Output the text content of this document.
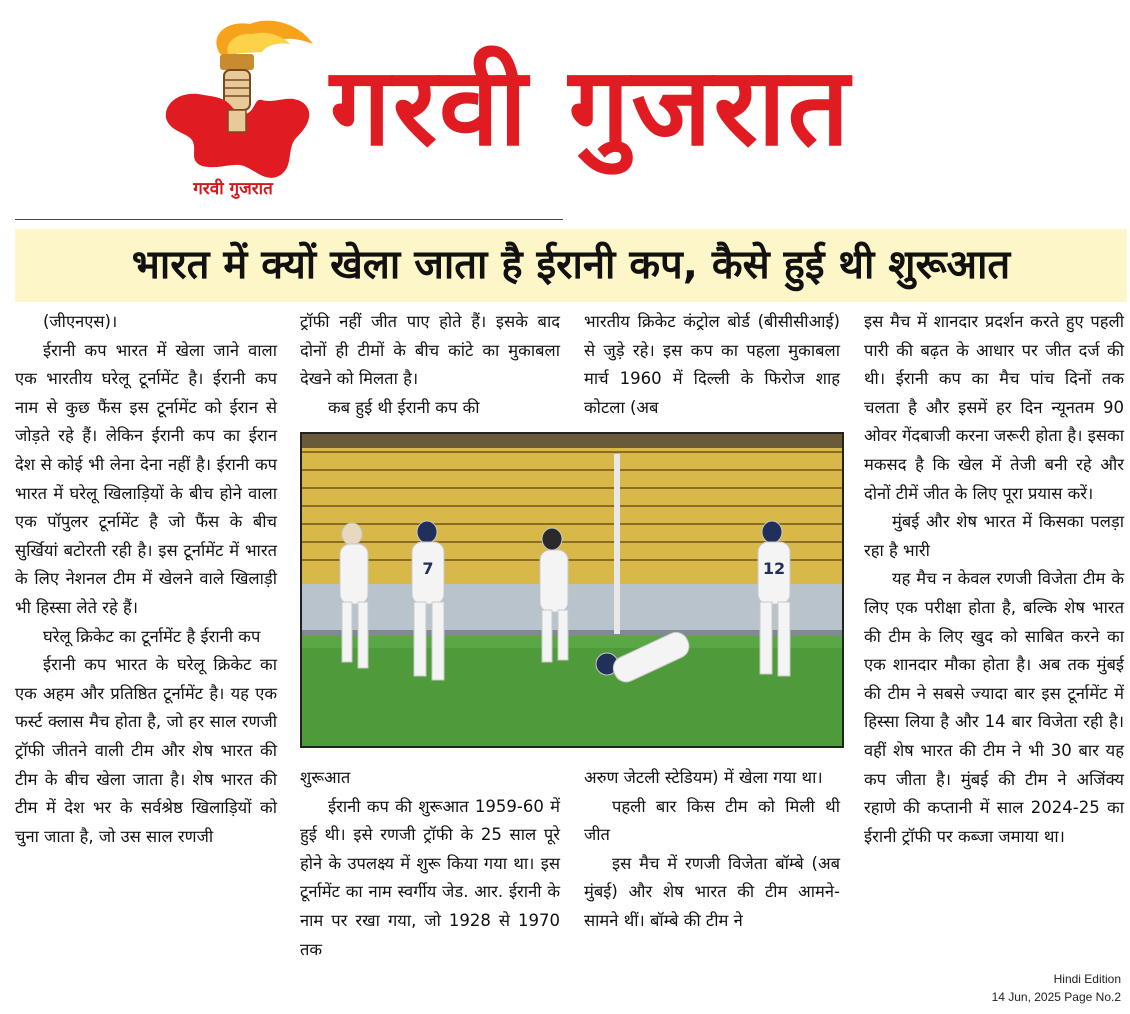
गरवी गुजरात
गरवी गुजरात
भारत में क्यों खेला जाता है ईरानी कप, कैसे हुई थी शुरूआत

(जीएनएस)।

ईरानी कप भारत में खेला जाने वाला एक भारतीय घरेलू टूर्नामेंट है। ईरानी कप नाम से कुछ फैंस इस टूर्नामेंट को ईरान से जोड़ते रहे हैं। लेकिन ईरानी कप का ईरान देश से कोई भी लेना देना नहीं है। ईरानी कप भारत में घरेलू खिलाड़ियों के बीच होने वाला एक पॉपुलर टूर्नामेंट है जो फैंस के बीच सुर्खियां बटोरती रही है। इस टूर्नामेंट में भारत के लिए नेशनल टीम में खेलने वाले खिलाड़ी भी हिस्सा लेते रहे हैं।

घरेलू क्रिकेट का टूर्नामेंट है ईरानी कप

ईरानी कप भारत के घरेलू क्रिकेट का एक अहम और प्रतिष्ठित टूर्नामेंट है। यह एक फर्स्ट क्लास मैच होता है, जो हर साल रणजी ट्रॉफी जीतने वाली टीम और शेष भारत की टीम के बीच खेला जाता है। शेष भारत की टीम में देश भर के सर्वश्रेष्ठ खिलाड़ियों को चुना जाता है, जो उस साल रणजी

ट्रॉफी नहीं जीत पाए होते हैं। इसके बाद दोनों ही टीमों के बीच कांटे का मुकाबला देखने को मिलता है।

कब हुई थी ईरानी कप की

भारतीय क्रिकेट कंट्रोल बोर्ड (बीसीसीआई) से जुड़े रहे। इस कप का पहला मुकाबला मार्च 1960 में दिल्ली के फिरोज शाह कोटला (अब

इस मैच में शानदार प्रदर्शन करते हुए पहली पारी की बढ़त के आधार पर जीत दर्ज की थी। ईरानी कप का मैच पांच दिनों तक चलता है और इसमें हर दिन न्यूनतम 90 ओवर गेंदबाजी करना जरूरी होता है। इसका मकसद है कि खेल में तेजी बनी रहे और दोनों टीमें जीत के लिए पूरा प्रयास करें।

मुंबई और शेष भारत में किसका पलड़ा रहा है भारी

यह मैच न केवल रणजी विजेता टीम के लिए एक परीक्षा होता है, बल्कि शेष भारत की टीम के लिए खुद को साबित करने का एक शानदार मौका होता है। अब तक मुंबई की टीम ने सबसे ज्यादा बार इस टूर्नामेंट में हिस्सा लिया है और 14 बार विजेता रही है। वहीं शेष भारत की टीम ने भी 30 बार यह कप जीता है। मुंबई की टीम ने अजिंक्य रहाणे की कप्तानी में साल 2024-25 का ईरानी ट्रॉफी पर कब्जा जमाया था।

7	12

शुरूआत

ईरानी कप की शुरूआत 1959-60 में हुई थी। इसे रणजी ट्रॉफी के 25 साल पूरे होने के उपलक्ष्य में शुरू किया गया था। इस टूर्नामेंट का नाम स्वर्गीय जेड. आर. ईरानी के नाम पर रखा गया, जो 1928 से 1970 तक

अरुण जेटली स्टेडियम) में खेला गया था।

पहली बार किस टीम को मिली थी जीत

इस मैच में रणजी विजेता बॉम्बे (अब मुंबई) और शेष भारत की टीम आमने-सामने थीं। बॉम्बे की टीम ने

Hindi Edition
14 Jun, 2025 Page No.2
